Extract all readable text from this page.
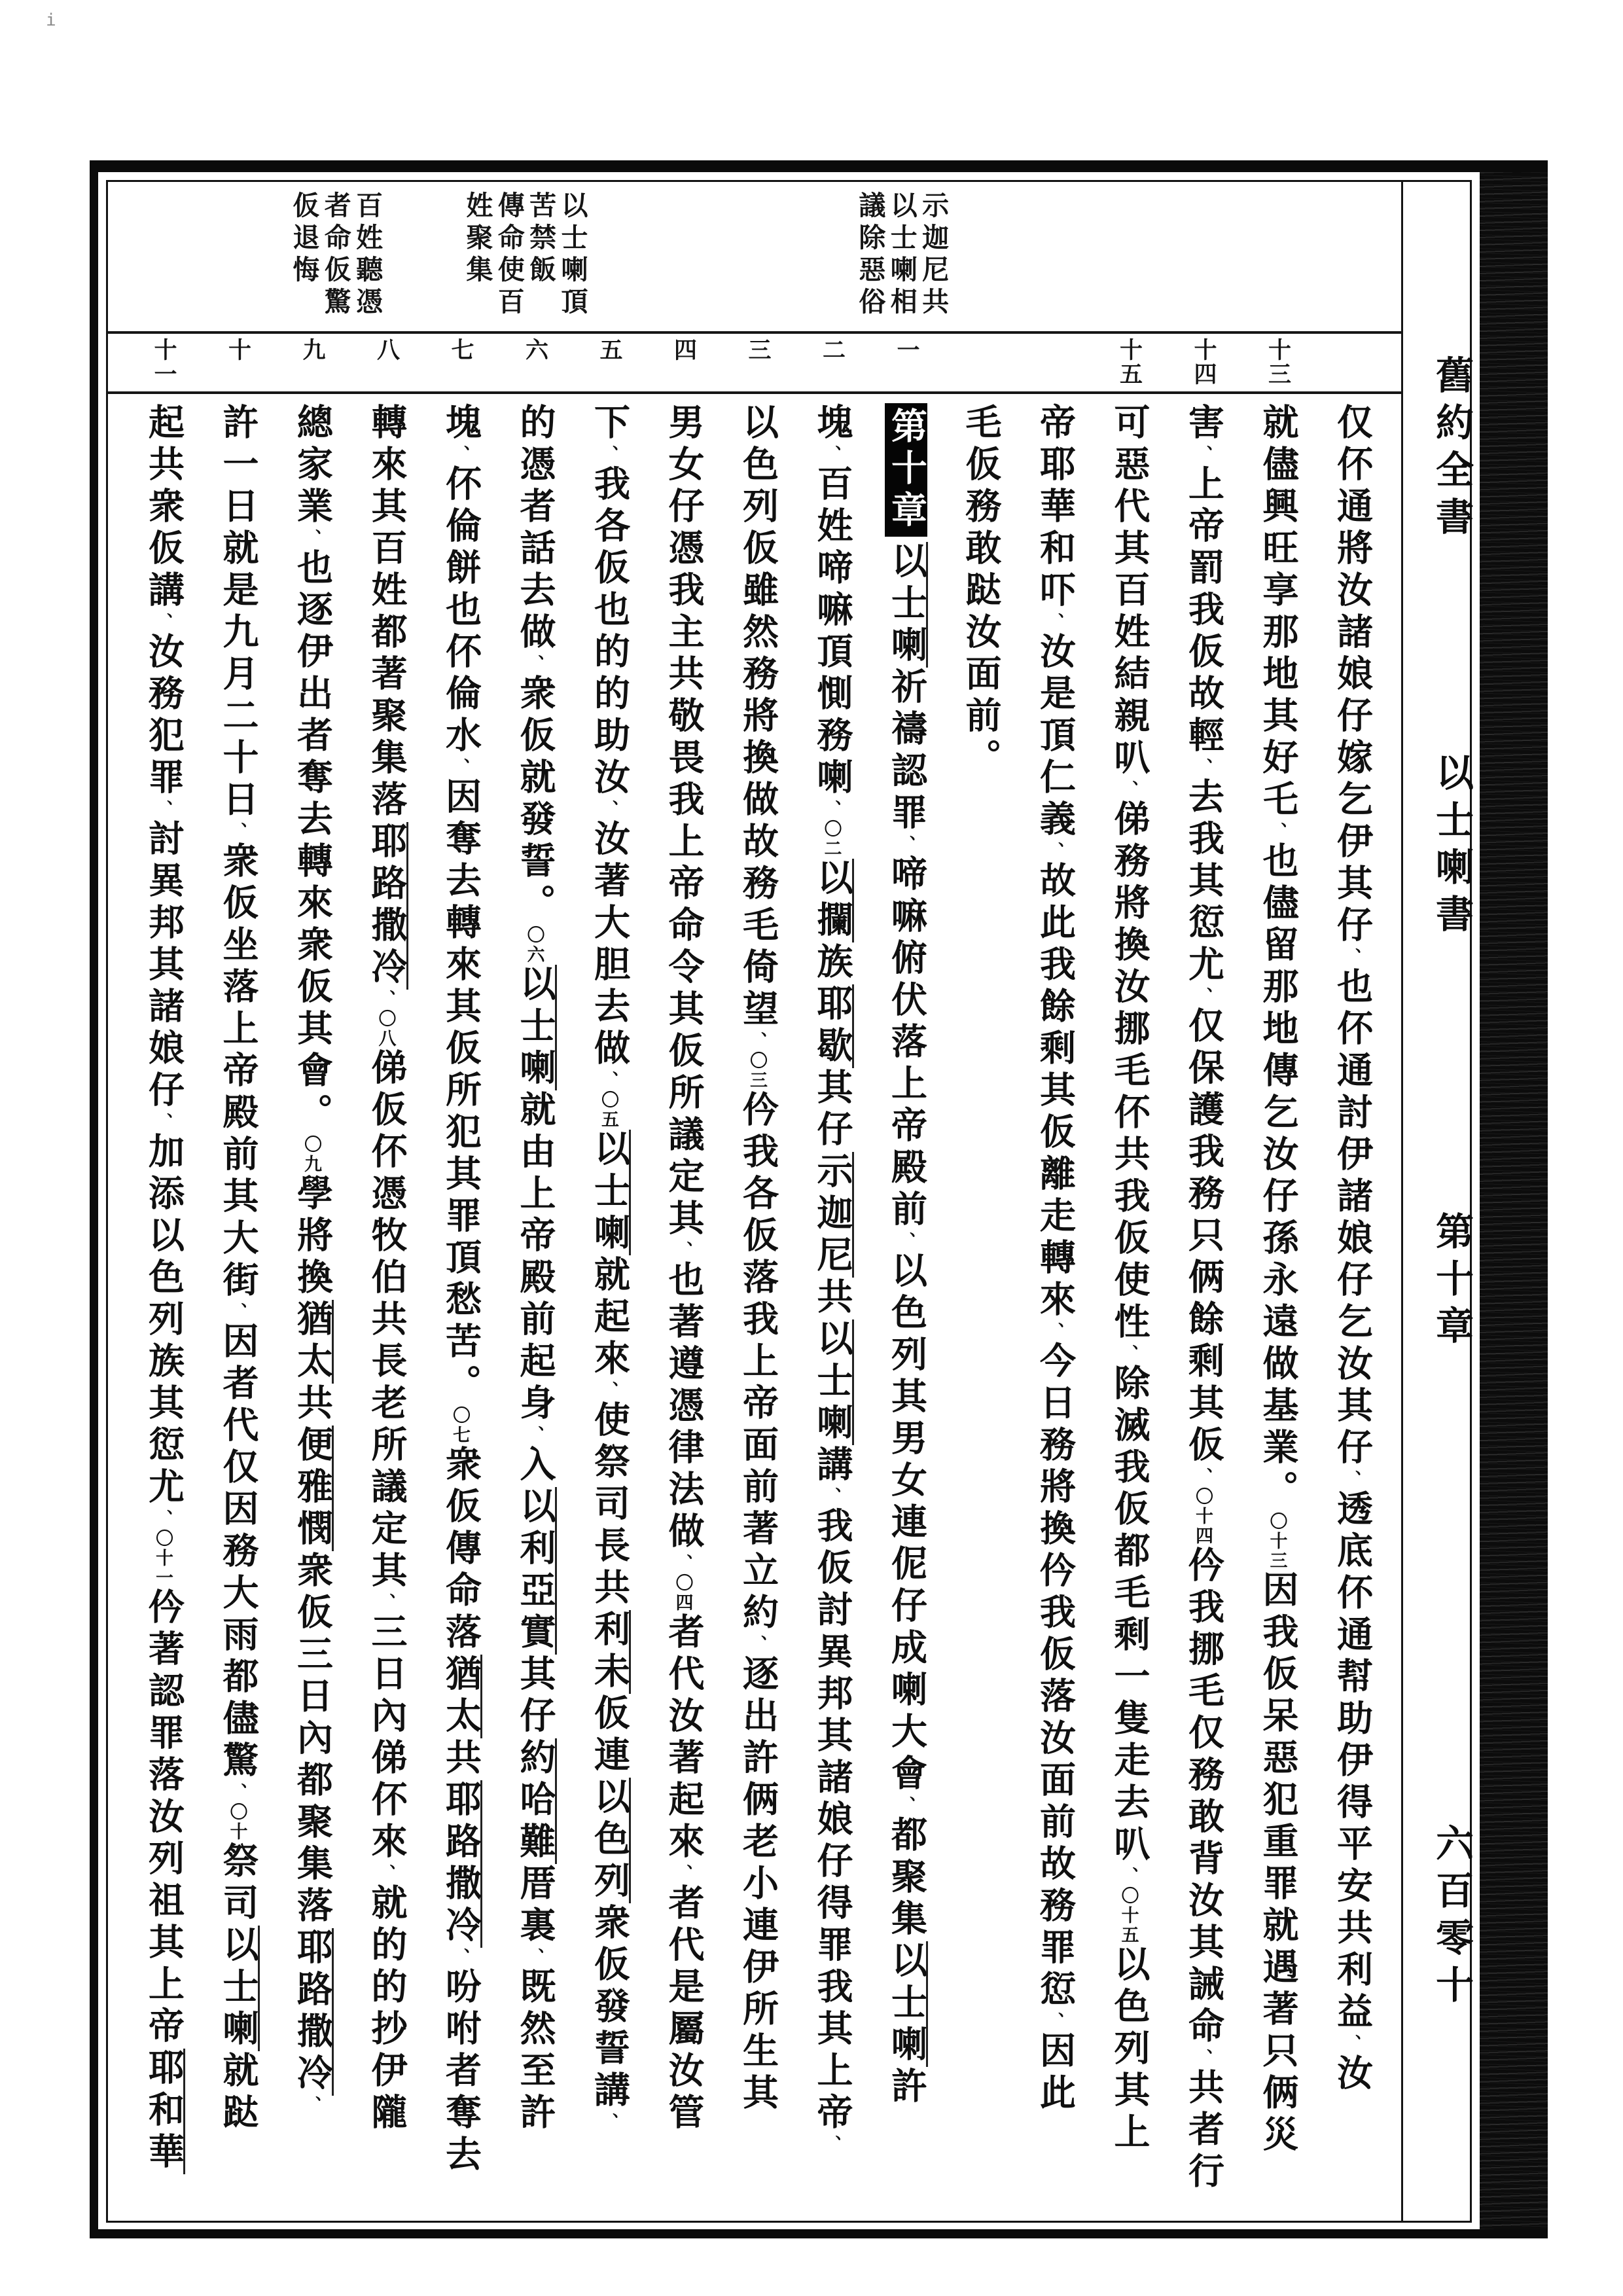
i
百姓聽憑
者命仮驚
仮退悔	以士喇頂
苦禁飯
傳命使百
姓聚集	示迦尼共
以士喇相
議除惡俗
十三
十四
十五
一
二
三
四
五
六
七
八
九
十
十一
仅伓通將汝諸娘仔嫁乞伊其仔、也伓通討伊諸娘仔乞汝其仔、透底伓通幇助伊得平安共利益、汝
就儘興旺享那地其好乇、也儘留那地傳乞汝仔孫永遠做基業。〇十三因我仮呆惡犯重罪就遇著只俩災
害、上帝罰我仮故輕、去我其愆尤、仅保護我務只俩餘剩其仮、〇十四仱我挪毛仅務敢背汝其誡命、共者行
可惡代其百姓結親叭、俤務將換汝挪毛伓共我仮使性、除滅我仮都毛剩一隻走去叭、〇十五以色列其上
帝耶華和吓、汝是頂仁義、故此我餘剩其仮離走轉來、今日務將換仱我仮落汝面前故務罪愆、因此
毛仮務敢跶汝面前。
第十章以士喇祈禱認罪、啼嘛俯伏落上帝殿前、以色列其男女連伲仔成喇大會、都聚集以士喇許
塊、百姓啼嘛頂惻務喇、〇二以攔族耶歇其仔示迦尼共以士喇講、我仮討異邦其諸娘仔得罪我其上帝、
以色列仮雖然務將換做故務毛倚望、〇三仱我各仮落我上帝面前著立約、逐出許俩老小連伊所生其
男女仔憑我主共敬畏我上帝命令其仮所議定其、也著遵憑律法做、〇四者代汝著起來、者代是屬汝管
下、我各仮也的的助汝、汝著大胆去做、〇五以士喇就起來、使祭司長共利未仮連以色列衆仮發誓講、
的憑者話去做、衆仮就發誓。〇六以士喇就由上帝殿前起身、入以利亞實其仔約哈難厝裏、既然至許
塊、伓倫餅也伓倫水、因奪去轉來其仮所犯其罪頂愁苦。〇七衆仮傳命落猶太共耶路撒冷、吩咐者奪去
轉來其百姓都著聚集落耶路撒冷、〇八俤仮伓憑牧伯共長老所議定其、三日內俤伓來、就的的抄伊隴
總家業、也逐伊出者奪去轉來衆仮其會。〇九學將換猶太共便雅憫衆仮三日內都聚集落耶路撒冷、
許一日就是九月二十日、衆仮坐落上帝殿前其大街、因者代仅因務大雨都儘驚、〇十祭司以士喇就跶
起共衆仮講、汝務犯罪、討異邦其諸娘仔、加添以色列族其愆尤、〇十一仱著認罪落汝列祖其上帝耶和華
舊約全書
以士喇書
第十章
六百零十
